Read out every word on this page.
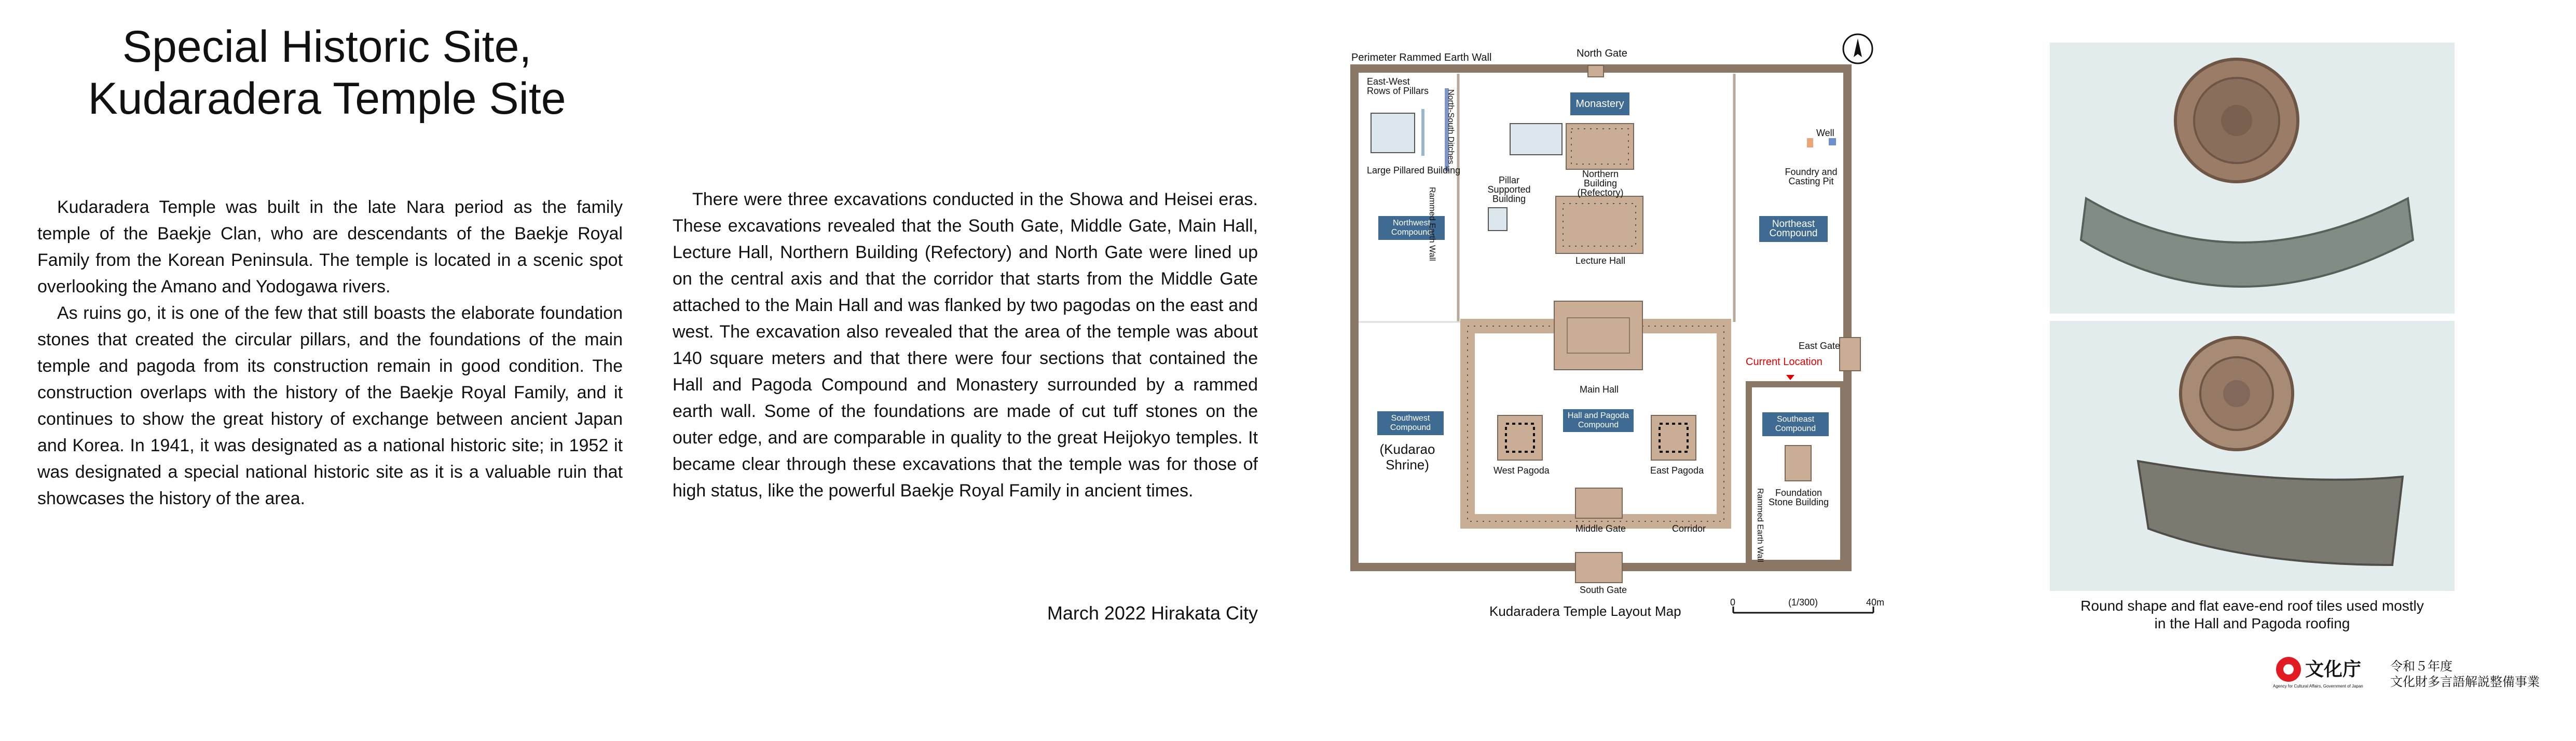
Special Historic Site,
Kudaradera Temple Site

Kudaradera Temple was built in the late Nara period as the family temple of the Baekje Clan, who are descendants of the Baekje Royal Family from the Korean Peninsula. The temple is located in a scenic spot overlooking the Amano and Yodogawa rivers.

As ruins go, it is one of the few that still boasts the elaborate foundation stones that created the circular pillars, and the foundations of the main temple and pagoda from its construction remain in good condition. The construction overlaps with the history of the Baekje Royal Family, and it continues to show the great history of exchange between ancient Japan and Korea. In 1941, it was designated as a national historic site; in 1952 it was designated a special national historic site as it is a valuable ruin that showcases the history of the area.

There were three excavations conducted in the Showa and Heisei eras. These excavations revealed that the South Gate, Middle Gate, Main Hall, Lecture Hall, Northern Building (Refectory) and North Gate were lined up on the central axis and that the corridor that starts from the Middle Gate attached to the Main Hall and was flanked by two pagodas on the east and west. The excavation also revealed that the area of the temple was about 140 square meters and that there were four sections that contained the Hall and Pagoda Compound and Monastery surrounded by a rammed earth wall. Some of the foundations are made of cut tuff stones on the outer edge, and are comparable in quality to the great Heijokyo temples. It became clear through these excavations that the temple was for those of high status, like the powerful Baekje Royal Family in ancient times.

March 2022 Hirakata City
Perimeter Rammed Earth Wall	North Gate
East-West Rows of Pillars
Large Pillared Building
Pillar Supported Building
Monastery
Northern Building (Refectory)
Lecture Hall
Well
Foundry and Casting Pit
Northwest Compound
Northeast Compound
East Gate
Current Location
Main Hall
Hall and Pagoda Compound
Southwest Compound
(Kudarao Shrine)	West Pagoda	East Pagoda
Southeast Compound
Foundation Stone Building
Middle Gate	Corridor
South Gate
Rammed Earth Wall
Rammed Earth Wall
North-South Ditches
Kudaradera Temple Layout Map
0	(1/300)	40m	Round shape and flat eave-end roof tiles used mostly
in the Hall and Pagoda roofing
文化庁
Agency for Cultural Affairs, Government of Japan
令和５年度
文化財多言語解説整備事業
